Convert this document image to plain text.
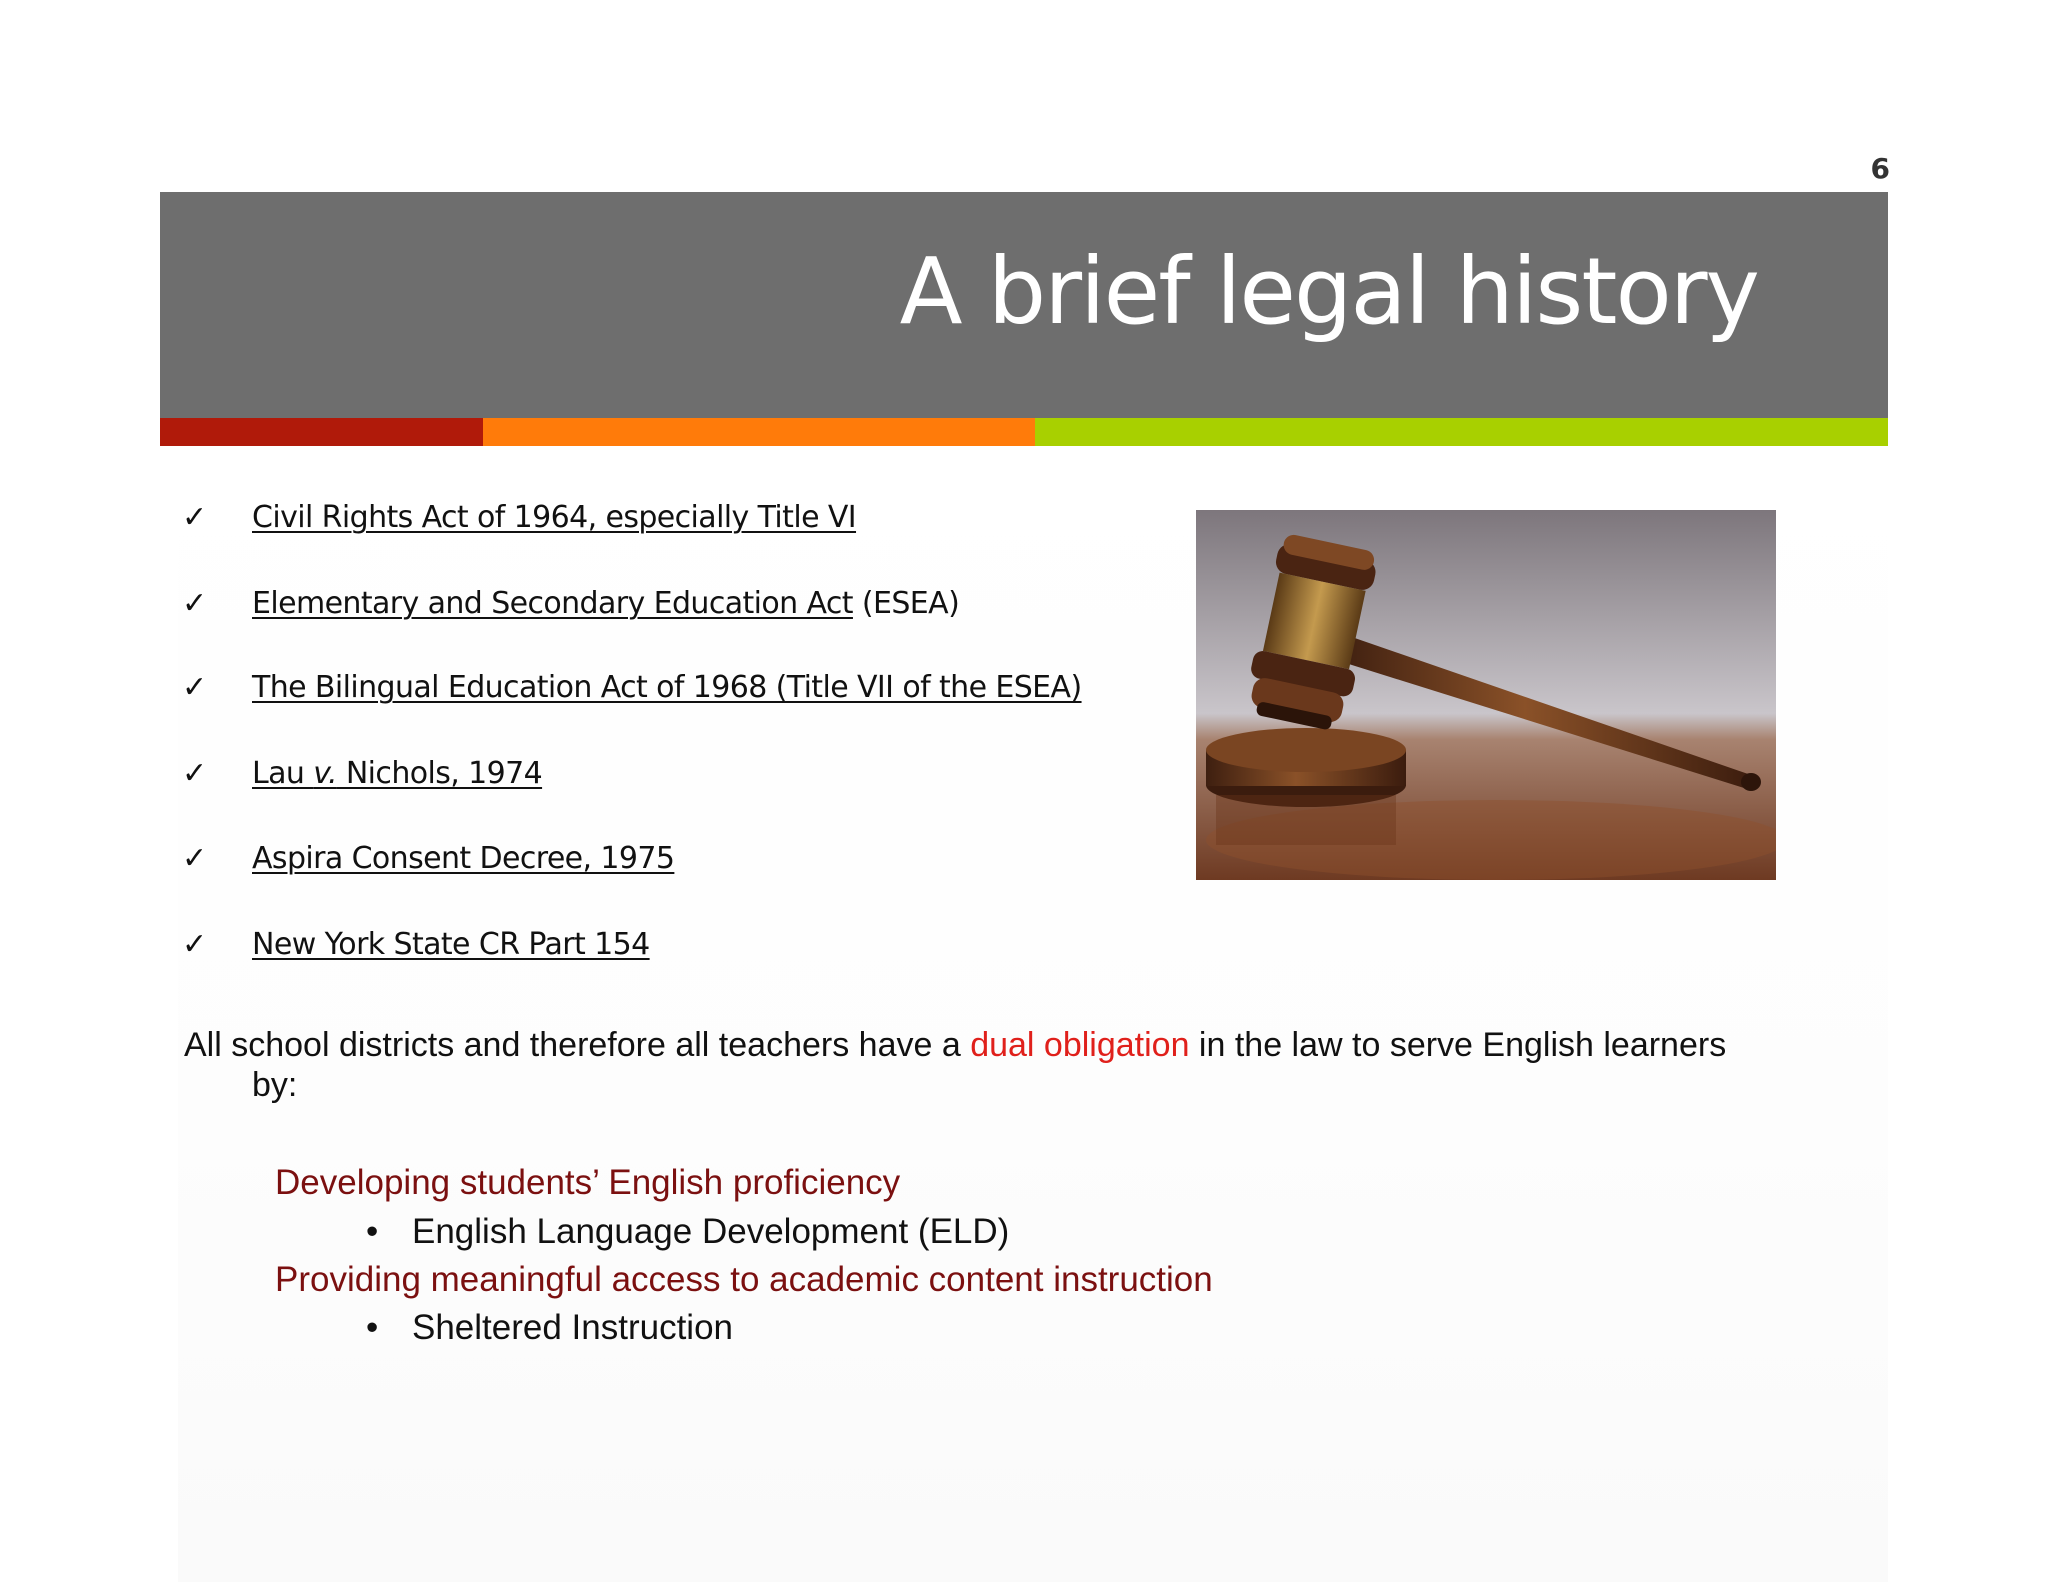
6
A brief legal history
✓ Civil Rights Act of 1964, especially Title VI
✓ Elementary and Secondary Education Act (ESEA)
✓ The Bilingual Education Act of 1968 (Title VII of the ESEA)
✓ Lau v. Nichols, 1974
✓ Aspira Consent Decree, 1975
✓ New York State CR Part 154
All school districts and therefore all teachers have a dual obligation in the law to serve English learners
by:
Developing students’ English proficiency
• English Language Development (ELD)
Providing meaningful access to academic content instruction
• Sheltered Instruction
